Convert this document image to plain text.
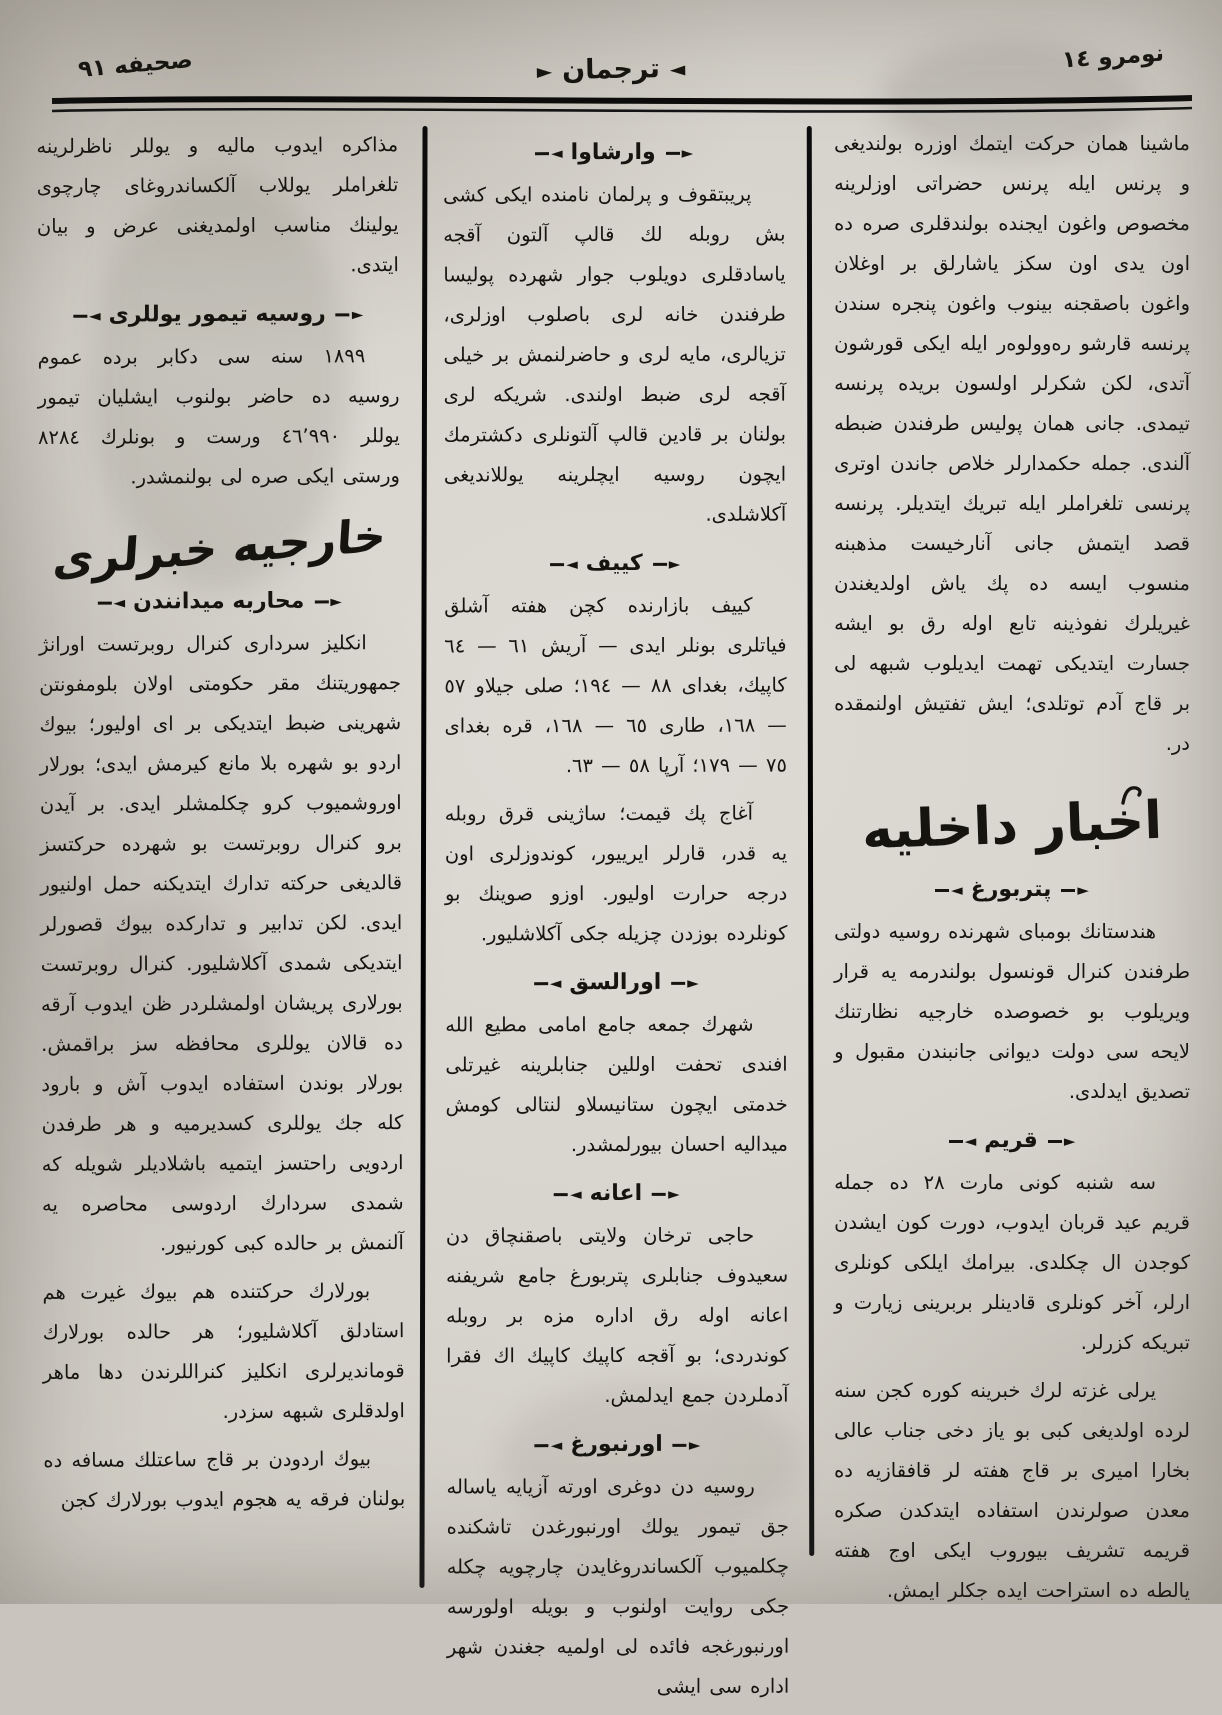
صحيفه ٩١	► ترجمان ◄	نومرو ١٤

مذاكره ايدوب ماليه و يوللر ناظرلرينه تلغراملر يوللاب آلكساندروغاى چارچوى يولينك مناسب اولمديغنى عرض و بيان ايتدى.

◄ روسيه تيمور يوللرى	►

١٨٩٩ سنه سى دكابر برده عموم روسيه ده حاضر بولنوب ايشليان تيمور يوللر ٤٦٬٩٩٠ ورست و بونلرك ٨٢٨٤ ورستى ايكى صره لى بولنمشدر.

خارجيه خبرلرى
◄ محاربه ميدانندن	►

انكليز سردارى كنرال روبرتست اورانژ جمهوريتنك مقر حكومتى اولان بلومفونتن شهرينى ضبط ايتديكى بر اى اوليور؛ بيوك اردو بو شهره بلا مانع كيرمش ايدى؛ بورلار اوروشميوب كرو چكلمشلر ايدى. بر آيدن برو كنرال روبرتست بو شهرده حركتسز قالديغى حركته تدارك ايتديكنه حمل اولنيور ايدى. لكن تدابير و تداركده بيوك قصورلر ايتديكى شمدى آكلاشليور. كنرال روبرتست بورلارى پريشان اولمشلردر ظن ايدوب آرقه ده قالان يوللرى محافظه سز براقمش. بورلار بوندن استفاده ايدوب آش و بارود كله جك يوللرى كسديرميه و هر طرفدن اردويى راحتسز ايتميه باشلاديلر شويله كه شمدى سردارك اردوسى محاصره يه آلنمش بر حالده كبى كورنيور.

بورلارك حركتنده هم بيوك غيرت هم استادلق آكلاشليور؛ هر حالده بورلارك قومانديرلرى انكليز كنراللرندن دها ماهر اولدقلرى شبهه سزدر.

بيوك اردودن بر قاج ساعتلك مسافه ده بولنان فرقه يه هجوم ايدوب بورلارك كجن

◄ وارشاوا	►

پريبتقوف و پرلمان نامنده ايكى كشى بش روبله لك قالپ آلتون آقجه ياسادقلرى دويلوب جوار شهرده پوليسا طرفندن خانه لرى باصلوب اوزلرى، تزيالرى، مايه لرى و حاضرلنمش بر خيلى آقجه لرى ضبط اولندى. شريكه لرى بولنان بر قادين قالپ آلتونلرى دكشترمك ايچون روسيه ايچلرينه يوللانديغى آكلاشلدى.

◄ كييف	►

كييف بازارنده كچن هفته آشلق فياتلرى بونلر ايدى — آريش ٦١ — ٦٤ كاپيك، بغداى ٨٨ — ١٩٤؛ صلى جيلاو ٥٧ — ١٦٨، طارى ٦٥ — ١٦٨، قره بغداى ٧٥ — ١٧٩؛ آرپا ٥٨ — ٦٣.

آغاج پك قيمت؛ ساژينى قرق روبله يه قدر، قارلر ايرييور، كوندوزلرى اون درجه حرارت اوليور. اوزو صوينك بو كونلرده بوزدن چزيله جكى آكلاشليور.

◄ اورالسق	►

شهرك جمعه جامع امامى مطيع الله افندى تحفت اوللين جنابلرينه غيرتلى خدمتى ايچون ستانيسلاو لنتالى كومش ميداليه احسان بيورلمشدر.

◄ اعانه	►

حاجى ترخان ولايتى باصقنچاق دن سعيدوف جنابلرى پتربورغ جامع شريفنه اعانه اوله رق اداره مزه بر روبله كوندردى؛ بو آقجه كاپيك كاپيك اك فقرا آدملردن جمع ايدلمش.

◄ اورنبورغ	►

روسيه دن دوغرى اورته آزيايه ياساله جق تيمور يولك اورنبورغدن تاشكنده چكلميوب آلكساندروغايدن چارچويه چكله جكى روايت اولنوب و بويله اولورسه اورنبورغجه فائده لى اولميه جغندن شهر اداره سى ايشى

ماشينا همان حركت ايتمك اوزره بولنديغى و پرنس ايله پرنس حضراتى اوزلرينه مخصوص واغون ايجنده بولندقلرى صره ده اون يدى اون سكز ياشارلق بر اوغلان واغون باصقجنه بينوب واغون پنجره سندن پرنسه قارشو رەوولوەر ايله ايكى قورشون آتدى، لكن شكرلر اولسون بريده پرنسه تيمدى. جانى همان پوليس طرفندن ضبطه آلندى. جمله حكمدارلر خلاص جاندن اوترى پرنسى تلغراملر ايله تبريك ايتديلر. پرنسه قصد ايتمش جانى آنارخيست مذهبنه منسوب ايسه ده پك ياش اولديغندن غيريلرك نفوذينه تابع اوله رق بو ايشه جسارت ايتديكى تهمت ايديلوب شبهه لى بر قاج آدم توتلدى؛ ايش تفتيش اولنمقده در.

اخبار داخليه
◄ پتربورغ	►

هندستانك بومباى شهرنده روسيه دولتى طرفندن كنرال قونسول بولندرمه يه قرار ويريلوب بو خصوصده خارجيه نظارتنك لايحه سى دولت ديوانى جانبندن مقبول و تصديق ايدلدى.

◄ قريم	►

سه شنبه كونى مارت ٢٨ ده جمله قريم عيد قربان ايدوب، دورت كون ايشدن كوجدن ال چكلدى. بيرامك ايلكى كونلرى ارلر، آخر كونلرى قادينلر بربرينى زيارت و تبريكه كزرلر.

يرلى غزته لرك خبرينه كوره كجن سنه لرده اولديغى كبى بو ياز دخى جناب عالى بخارا اميرى بر قاج هفته لر قافقازيه ده معدن صولرندن استفاده ايتدكدن صكره قريمه تشريف بيوروب ايكى اوج هفته يالطه ده استراحت ايده جكلر ايمش.
